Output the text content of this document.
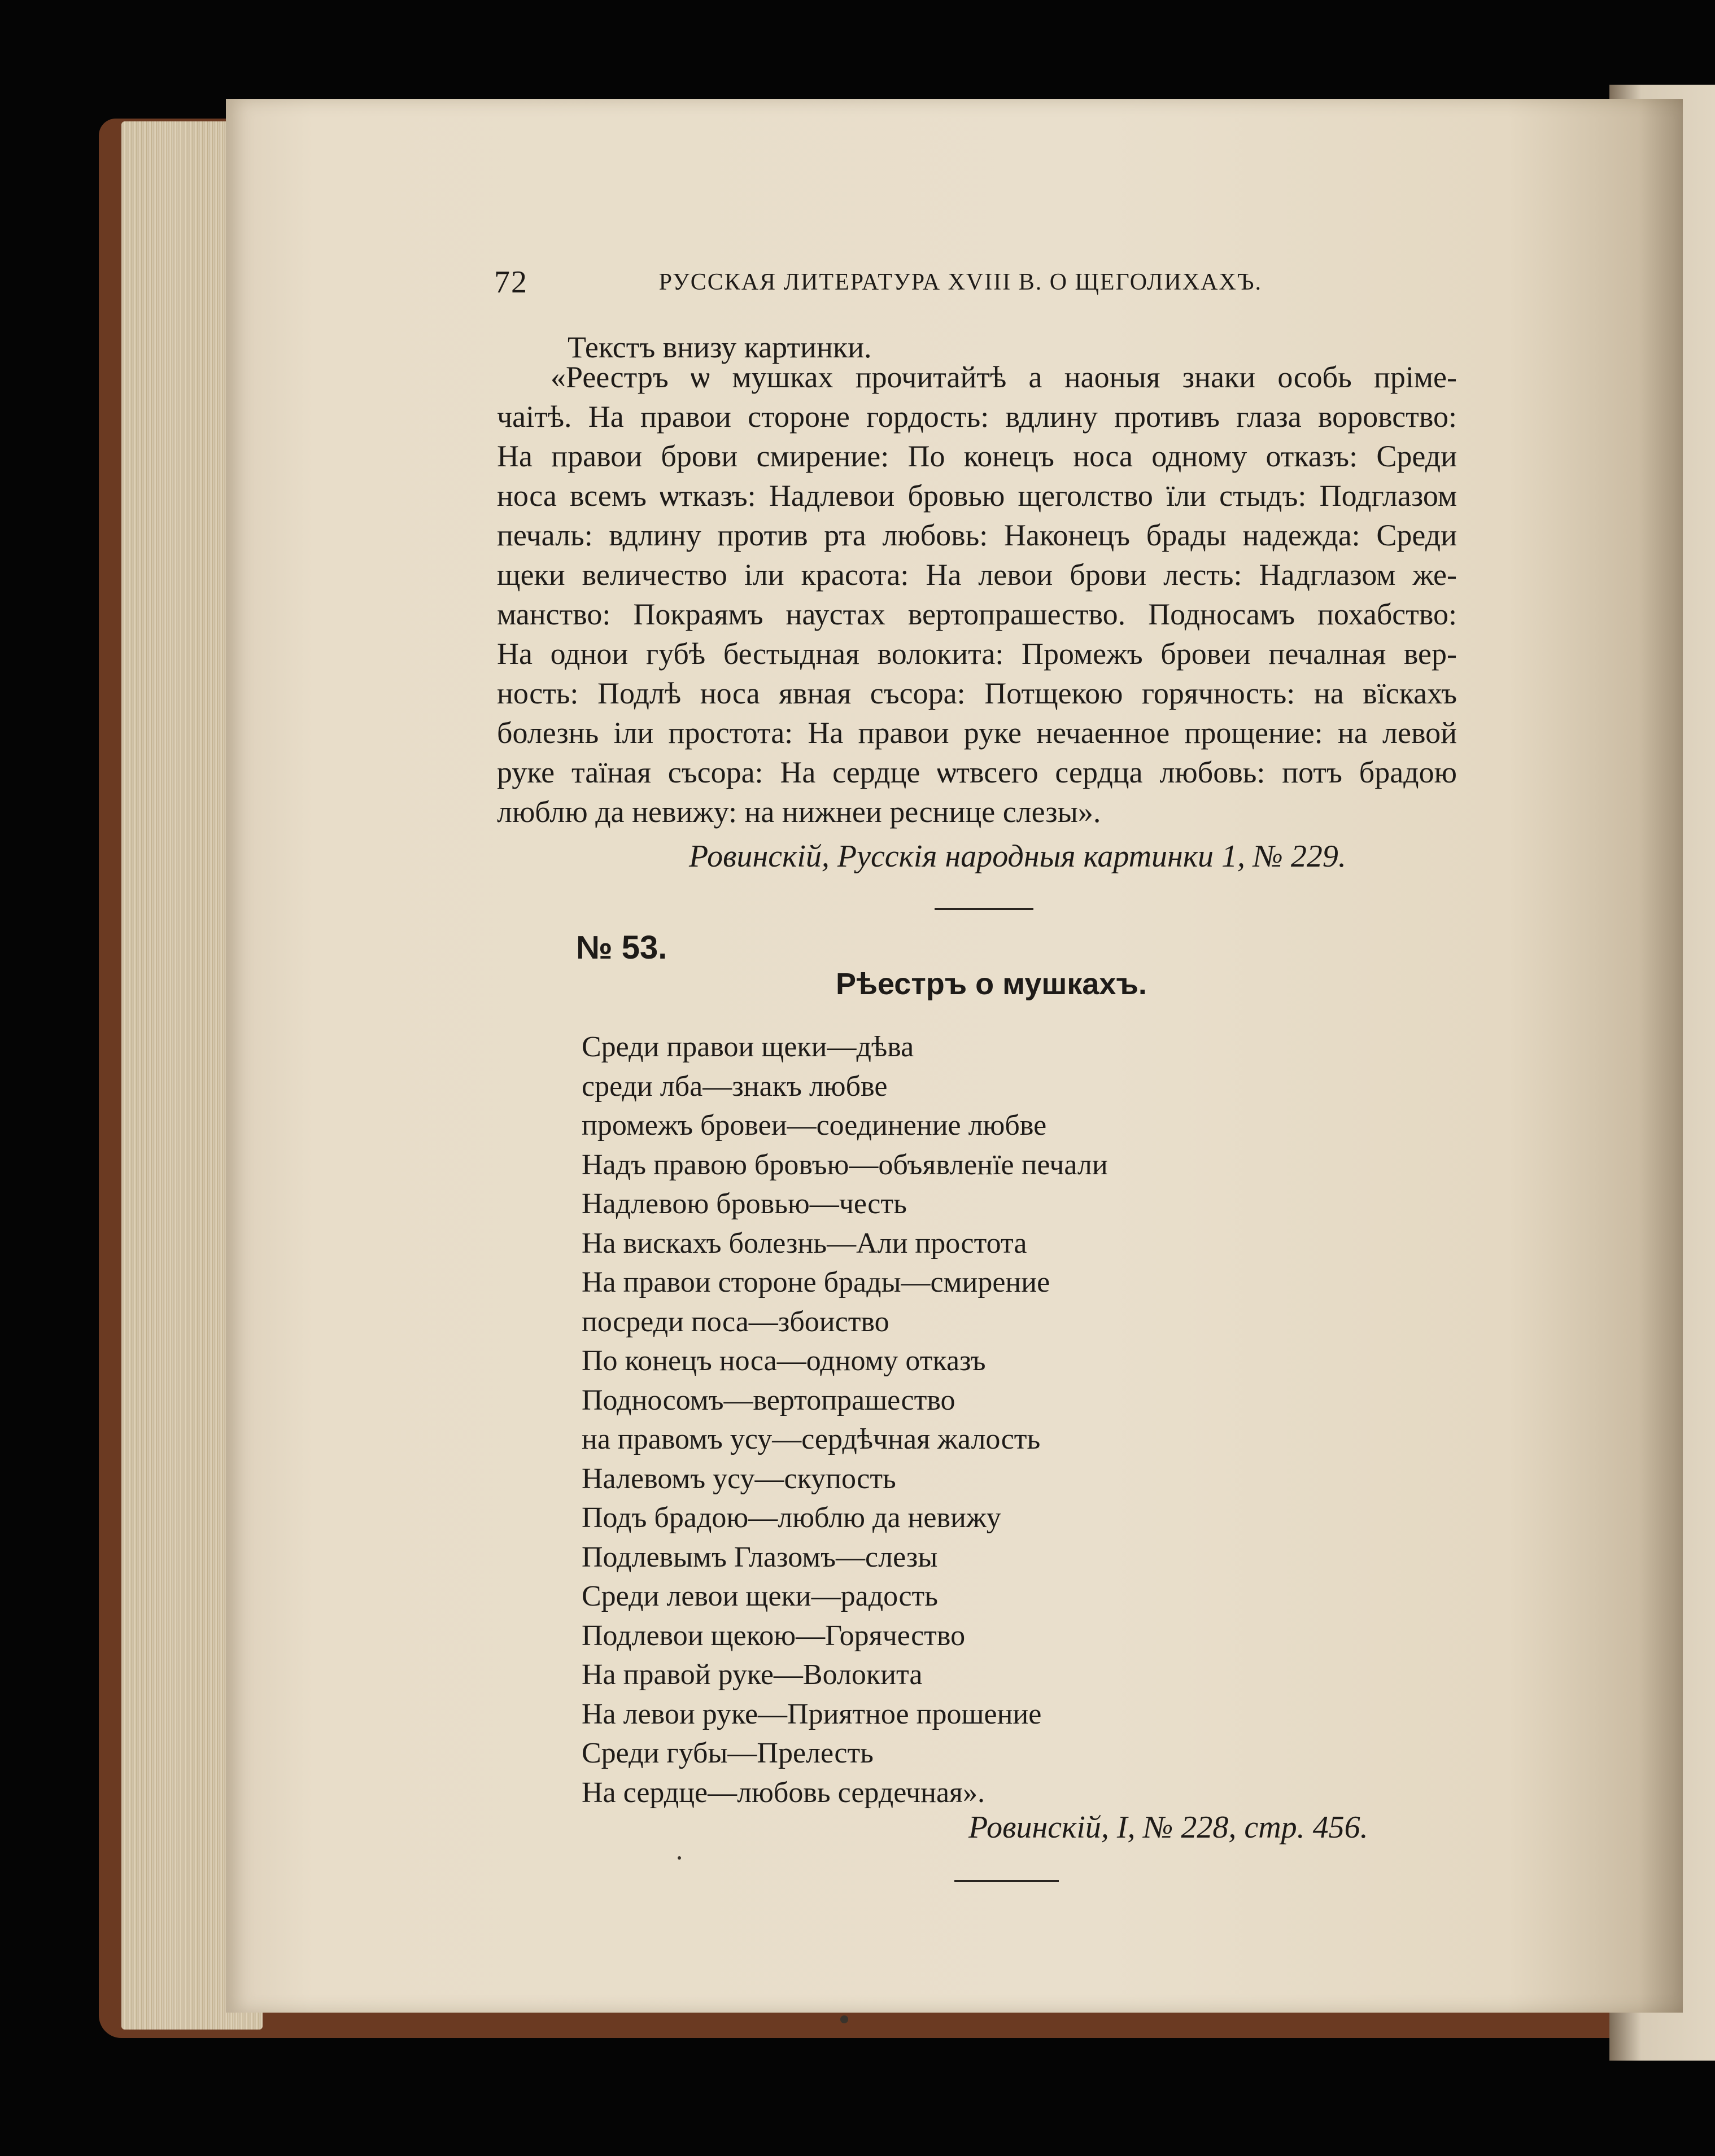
72	РУССКАЯ ЛИТЕРАТУРА XVIII В. О ЩЕГОЛИХАХЪ.
Текстъ внизу картинки.
«Реестръ ѡ мушках прочитайтѣ а наоныя знаки особь прімe-
чаітѣ. На правои стороне гордость: вдлину противъ глаза воровство:
На правои брови смирение: По конецъ носа одному отказъ: Среди
носа всемъ ѡтказъ: Надлевои бровью щеголство їли стыдъ: Подглазом
печаль: вдлину против рта любовь: Наконецъ брады надежда: Среди
щеки величество іли красота: На левои брови лесть: Надглазом же-
манство: Покраямъ наустах вертопрашество. Подносамъ похабство:
На однои губѣ бестыдная волокита: Промежъ бровеи печалная вер-
ность: Подлѣ носа явная съсора: Потщекою горячность: на вїскахъ
болезнь іли простота: На правои руке нечаенное прощение: на левой
руке таїная съсора: На сердце ѡтвсего сердца любовь: потъ брадою
люблю да невижу: на нижнеи реснице слезы».
Ровинскій, Русскія народныя картинки 1, № 229.
№ 53.
Рѣестръ о мушкахъ.
Среди правои щеки—дѣва
среди лба—знакъ любве
промежъ бровеи—соединение любве
Надъ правою бровъю—объявленїе печали
Надлевою бровью—честь
На вискахъ болезнь—Али простота
На правои стороне брады—смирение
посреди поса—збоиство
По конецъ носа—одному отказъ
Подносомъ—вертопрашество
на правомъ усу—сердѣчная жалость
Налевомъ усу—скупость
Подъ брадою—люблю да невижу
Подлевымъ Глазомъ—слезы
Среди левои щеки—радость
Подлевои щекою—Горячество
На правой руке—Волокита
На левои руке—Приятное прошение
Среди губы—Прелесть
На сердце—любовь сердечная».
Ровинскій, I, № 228, стр. 456.
